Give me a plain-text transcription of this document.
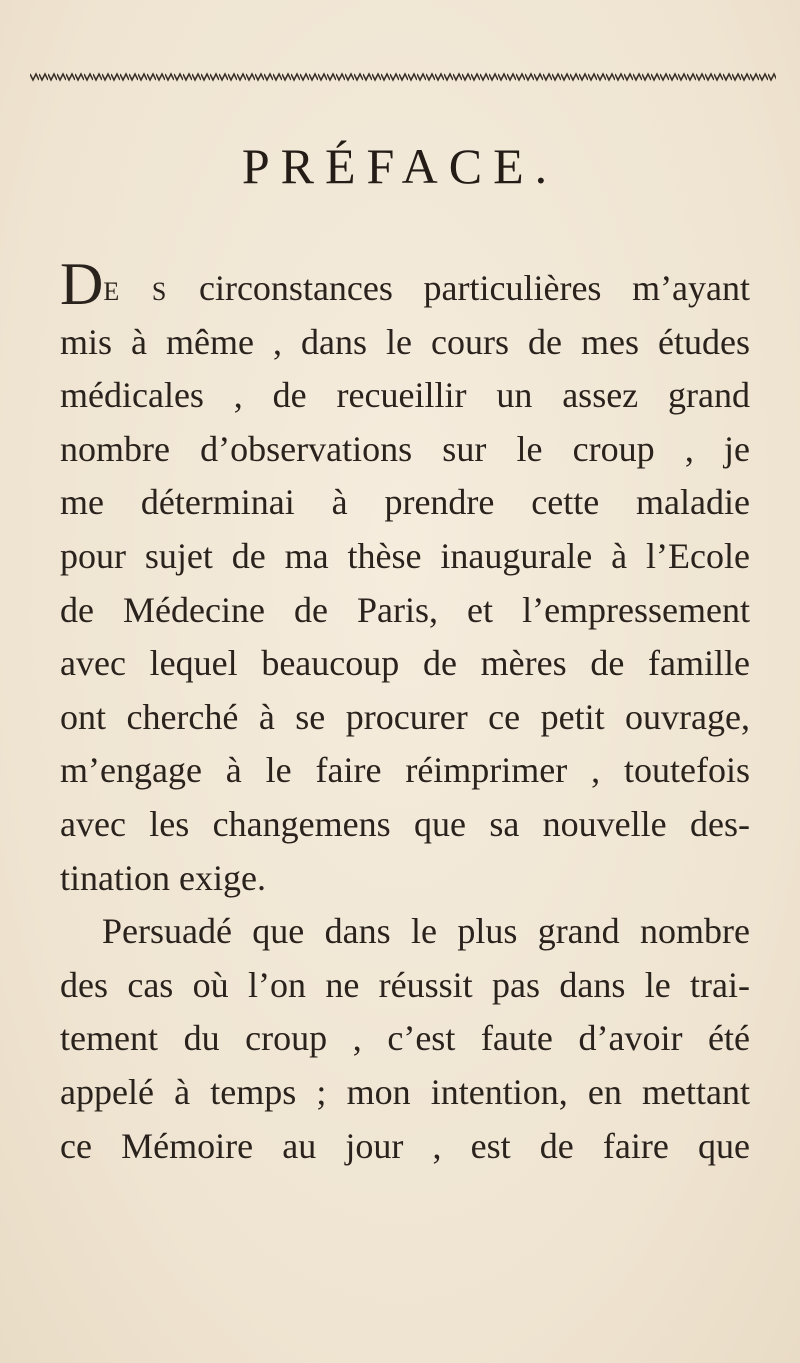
PRÉFACE.
DE S circonstances particulières m’ayant
mis à même , dans le cours de mes études
médicales , de recueillir un assez grand
nombre d’observations sur le croup , je
me déterminai à prendre cette maladie
pour sujet de ma thèse inaugurale à l’Ecole
de Médecine de Paris, et l’empressement
avec lequel beaucoup de mères de famille
ont cherché à se procurer ce petit ouvrage,
m’engage à le faire réimprimer , toutefois
avec les changemens que sa nouvelle des-
tination exige.
Persuadé que dans le plus grand nombre
des cas où l’on ne réussit pas dans le trai-
tement du croup , c’est faute d’avoir été
appelé à temps ; mon intention, en mettant
ce Mémoire au jour , est de faire que
